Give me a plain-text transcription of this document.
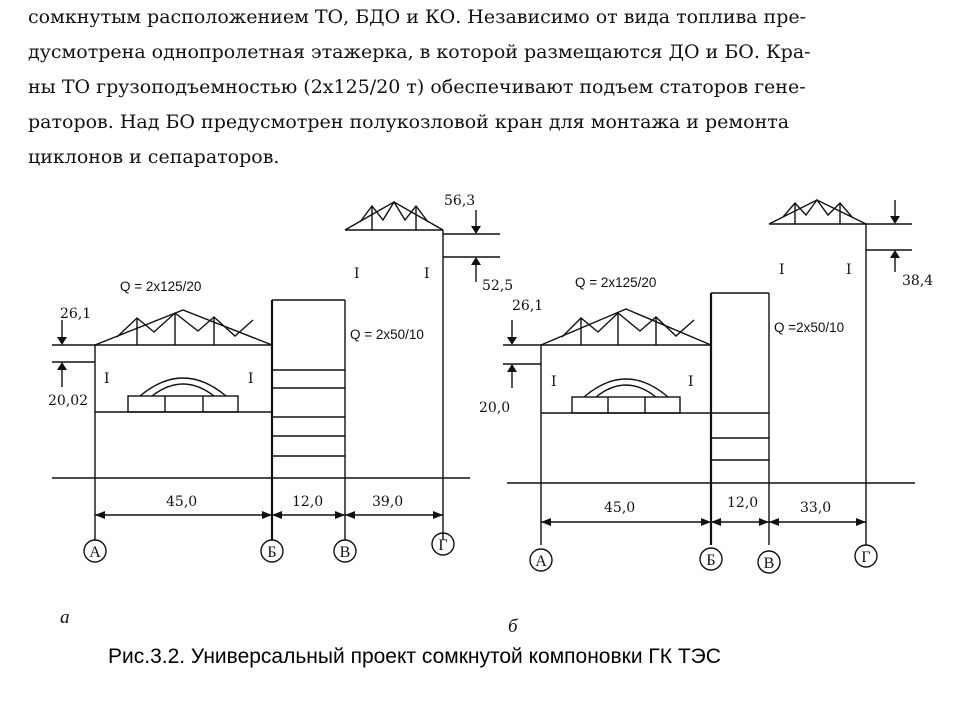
сомкнутым расположением ТО, БДО и КО. Независимо от вида топлива пре-
дусмотрена однопролетная этажерка, в которой размещаются ДО и БО. Кра-
ны ТО грузоподъемностью (2x125/20 т) обеспечивают подъем статоров гене-
раторов. Над БО предусмотрен полукозловой кран для монтажа и ремонта
циклонов и сепараторов.
26,1
20,02
56,3
52,5
Q = 2x125/20
Q = 2x50/10
I	I
I	I
45,0	12,0	39,0
А	Б	В	Г
а
26,1
20,0
38,4
Q = 2x125/20
Q =2x50/10
I	I
I	I
45,0	12,0	33,0
А	Б	В	Г
б

Рис.3.2. Универсальный проект сомкнутой компоновки ГК ТЭС
